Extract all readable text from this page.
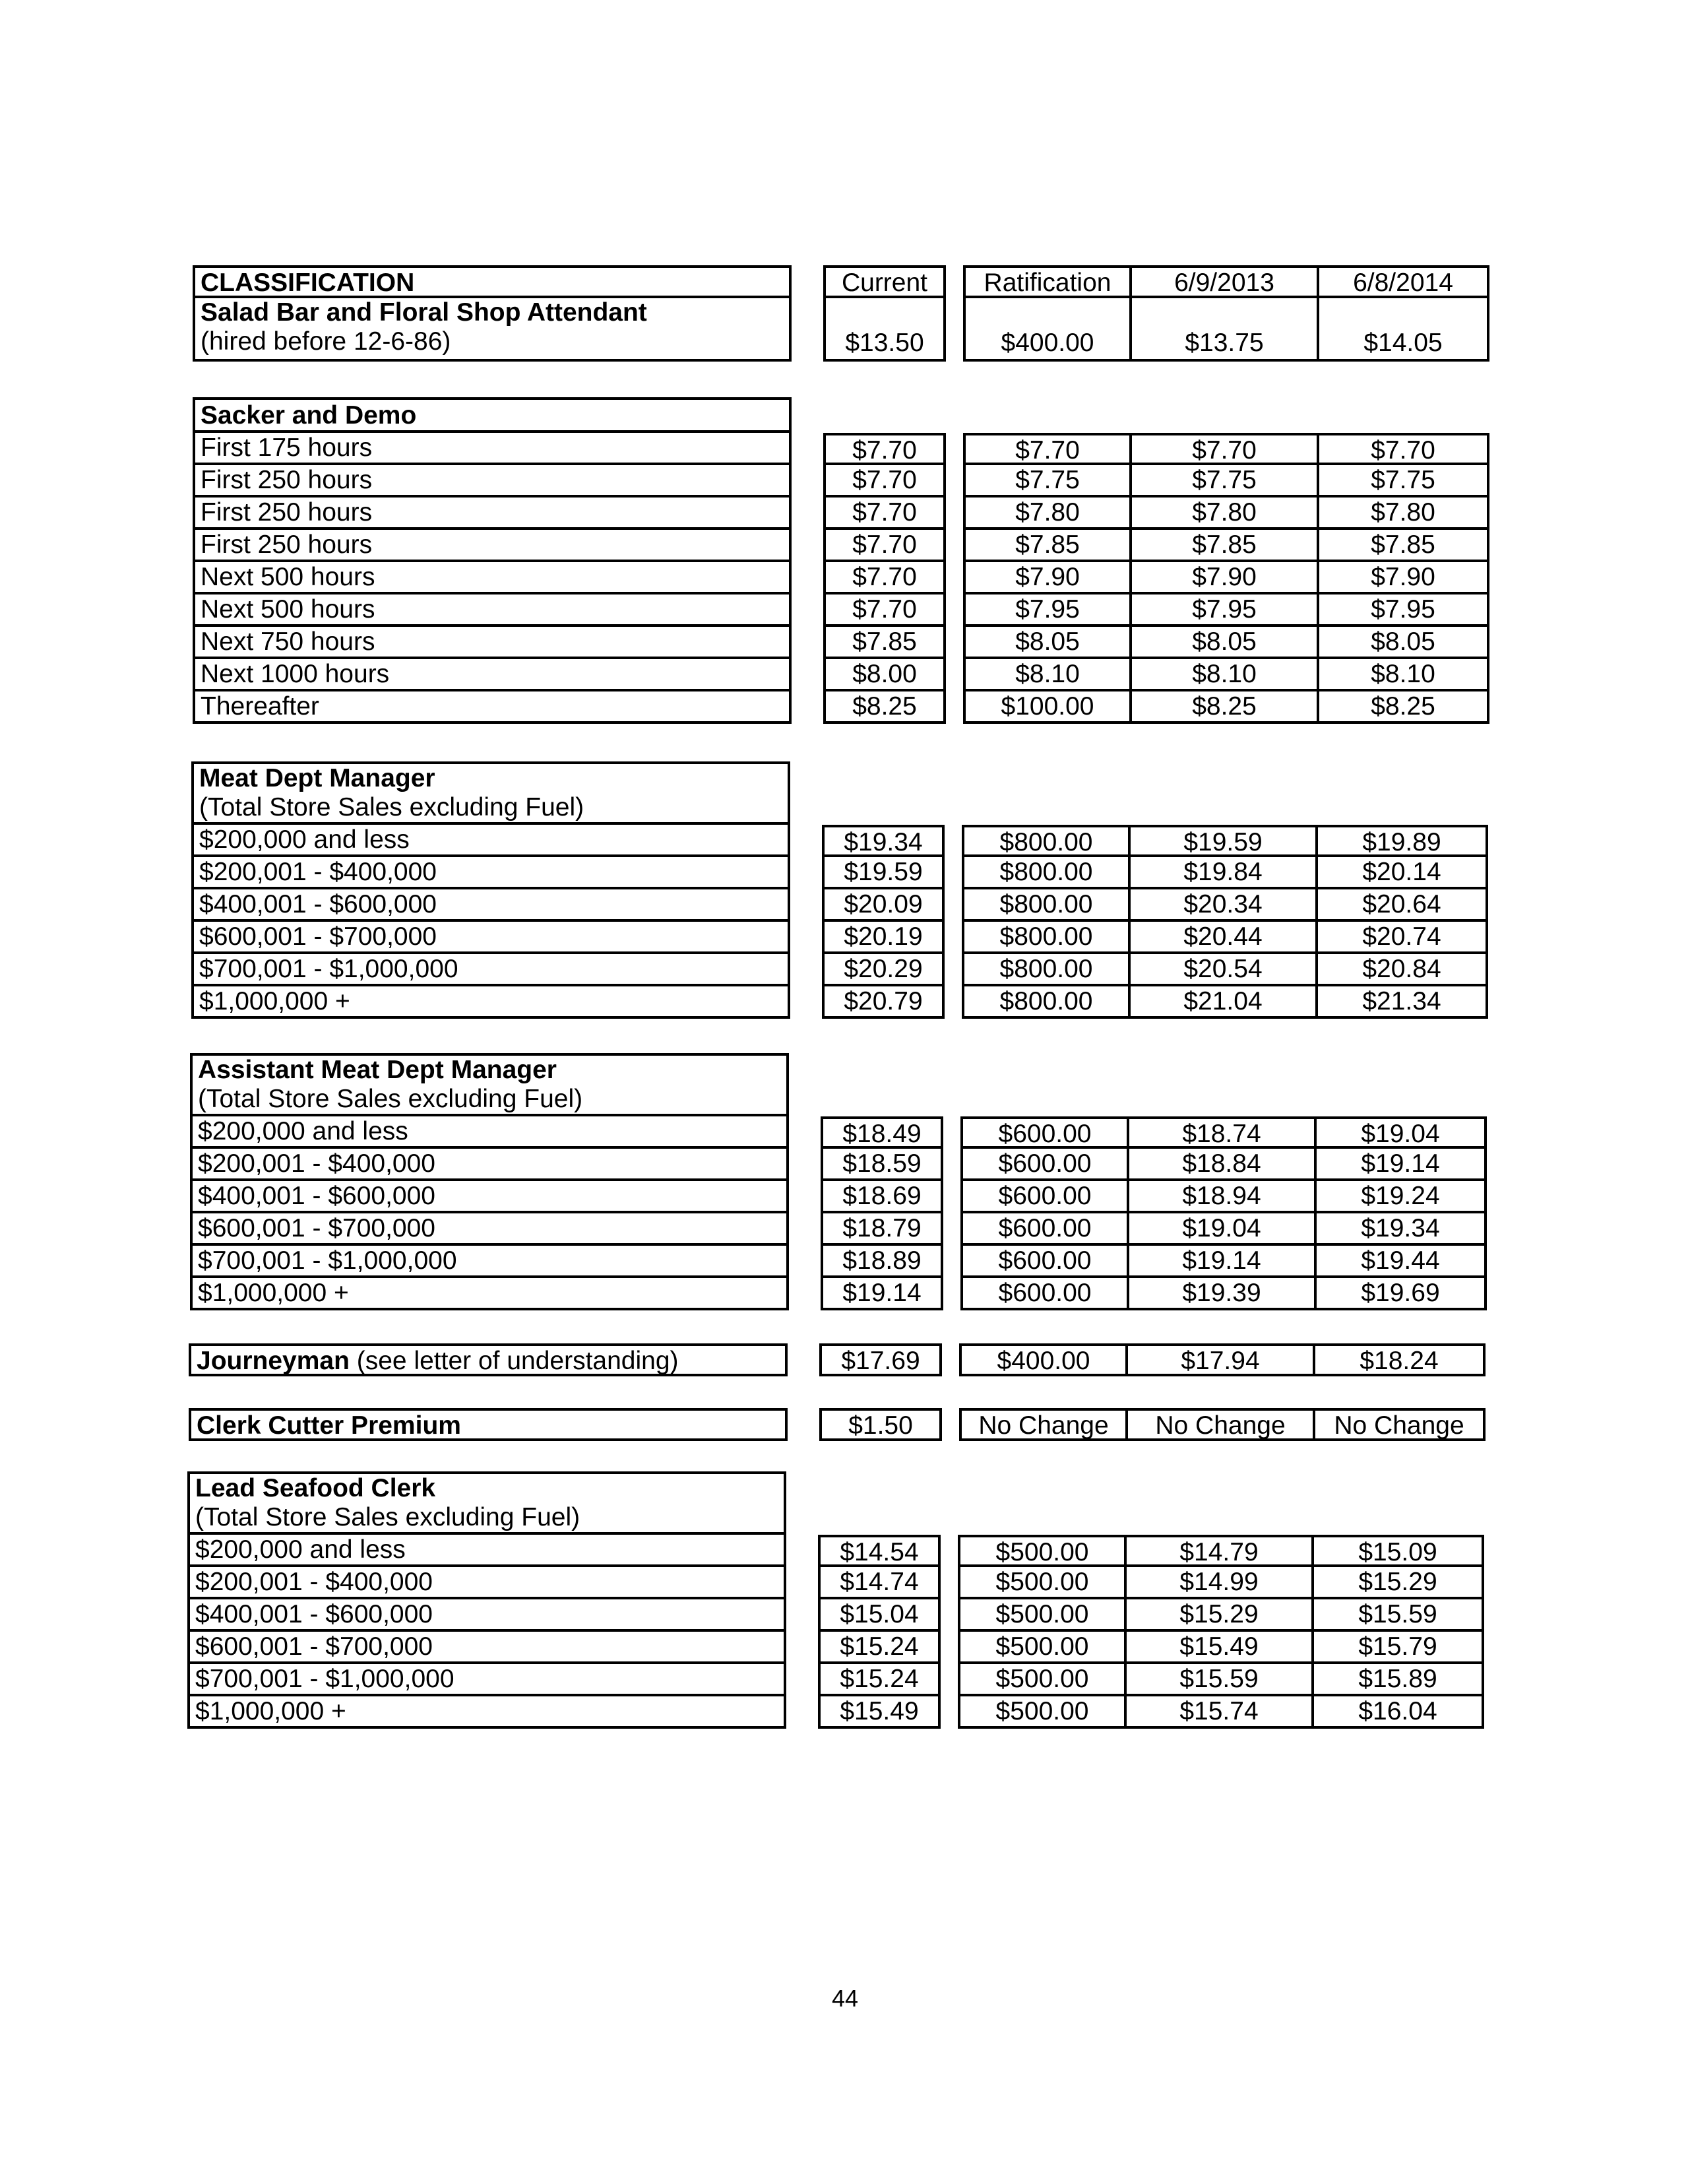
CLASSIFICATION	Current	Ratification	6/9/2013	6/8/2014
Salad Bar and Floral Shop Attendant
(hired before 12-6-86)	$13.50	$400.00	$13.75	$14.05
Sacker and Demo
First 175 hours	$7.70	$7.70	$7.70	$7.70
First 250 hours	$7.70	$7.75	$7.75	$7.75
First 250 hours	$7.70	$7.80	$7.80	$7.80
First 250 hours	$7.70	$7.85	$7.85	$7.85
Next 500 hours	$7.70	$7.90	$7.90	$7.90
Next 500 hours	$7.70	$7.95	$7.95	$7.95
Next 750 hours	$7.85	$8.05	$8.05	$8.05
Next 1000 hours	$8.00	$8.10	$8.10	$8.10
Thereafter	$8.25	$100.00	$8.25	$8.25
Meat Dept Manager
(Total Store Sales excluding Fuel)
$200,000 and less	$19.34	$800.00	$19.59	$19.89
$200,001 - $400,000	$19.59	$800.00	$19.84	$20.14
$400,001 - $600,000	$20.09	$800.00	$20.34	$20.64
$600,001 - $700,000	$20.19	$800.00	$20.44	$20.74
$700,001 - $1,000,000	$20.29	$800.00	$20.54	$20.84
$1,000,000 +	$20.79	$800.00	$21.04	$21.34
Assistant Meat Dept Manager
(Total Store Sales excluding Fuel)
$200,000 and less	$18.49	$600.00	$18.74	$19.04
$200,001 - $400,000	$18.59	$600.00	$18.84	$19.14
$400,001 - $600,000	$18.69	$600.00	$18.94	$19.24
$600,001 - $700,000	$18.79	$600.00	$19.04	$19.34
$700,001 - $1,000,000	$18.89	$600.00	$19.14	$19.44
$1,000,000 +	$19.14	$600.00	$19.39	$19.69
Journeyman (see letter of understanding)	$17.69	$400.00	$17.94	$18.24
Clerk Cutter Premium	$1.50	No Change	No Change	No Change
Lead Seafood Clerk
(Total Store Sales excluding Fuel)
$200,000 and less	$14.54	$500.00	$14.79	$15.09
$200,001 - $400,000	$14.74	$500.00	$14.99	$15.29
$400,001 - $600,000	$15.04	$500.00	$15.29	$15.59
$600,001 - $700,000	$15.24	$500.00	$15.49	$15.79
$700,001 - $1,000,000	$15.24	$500.00	$15.59	$15.89
$1,000,000 +	$15.49	$500.00	$15.74	$16.04
44
